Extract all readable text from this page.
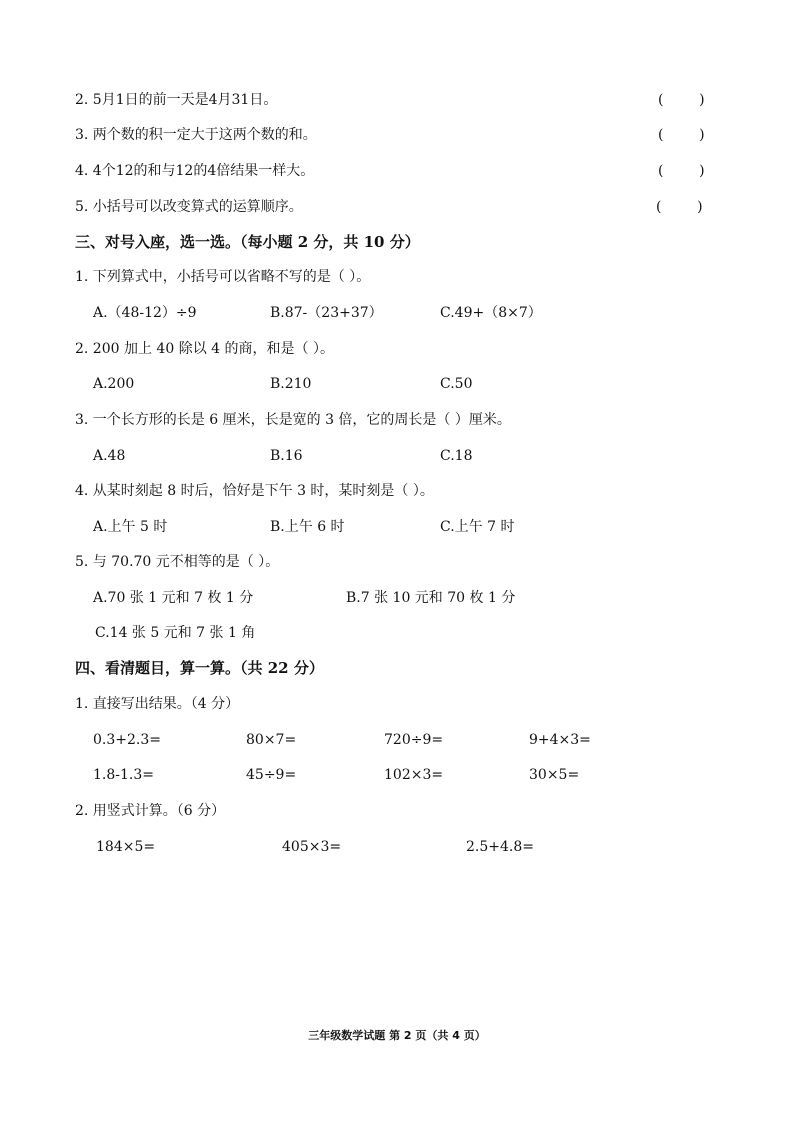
2. 5月1日的前一天是4月31日。	(        )
3. 两个数的积一定大于这两个数的和。	(        )
4. 4个12的和与12的4倍结果一样大。	(        )
5. 小括号可以改变算式的运算顺序。	(        )
三、对号入座，选一选。（每小题 2 分，共 10 分）
1. 下列算式中，小括号可以省略不写的是（ ）。
A.（48-12）÷9	B.87-（23+37）	C.49+（8×7）
2. 200 加上 40 除以 4 的商，和是（ ）。
A.200	B.210	C.50
3. 一个长方形的长是 6 厘米，长是宽的 3 倍，它的周长是（ ）厘米。
A.48	B.16	C.18
4. 从某时刻起 8 时后，恰好是下午 3 时，某时刻是（ ）。
A.上午 5 时	B.上午 6 时	C.上午 7 时
5. 与 70.70 元不相等的是（ ）。
A.70 张 1 元和 7 枚 1 分	B.7 张 10 元和 70 枚 1 分
C.14 张 5 元和 7 张 1 角
四、看清题目，算一算。（共 22 分）
1. 直接写出结果。（4 分）
0.3+2.3=	80×7=	720÷9=	9+4×3=
1.8-1.3=	45÷9=	102×3=	30×5=
2. 用竖式计算。（6 分）
184×5=	405×3=	2.5+4.8=
三年级数学试题 第 2 页（共 4 页）
